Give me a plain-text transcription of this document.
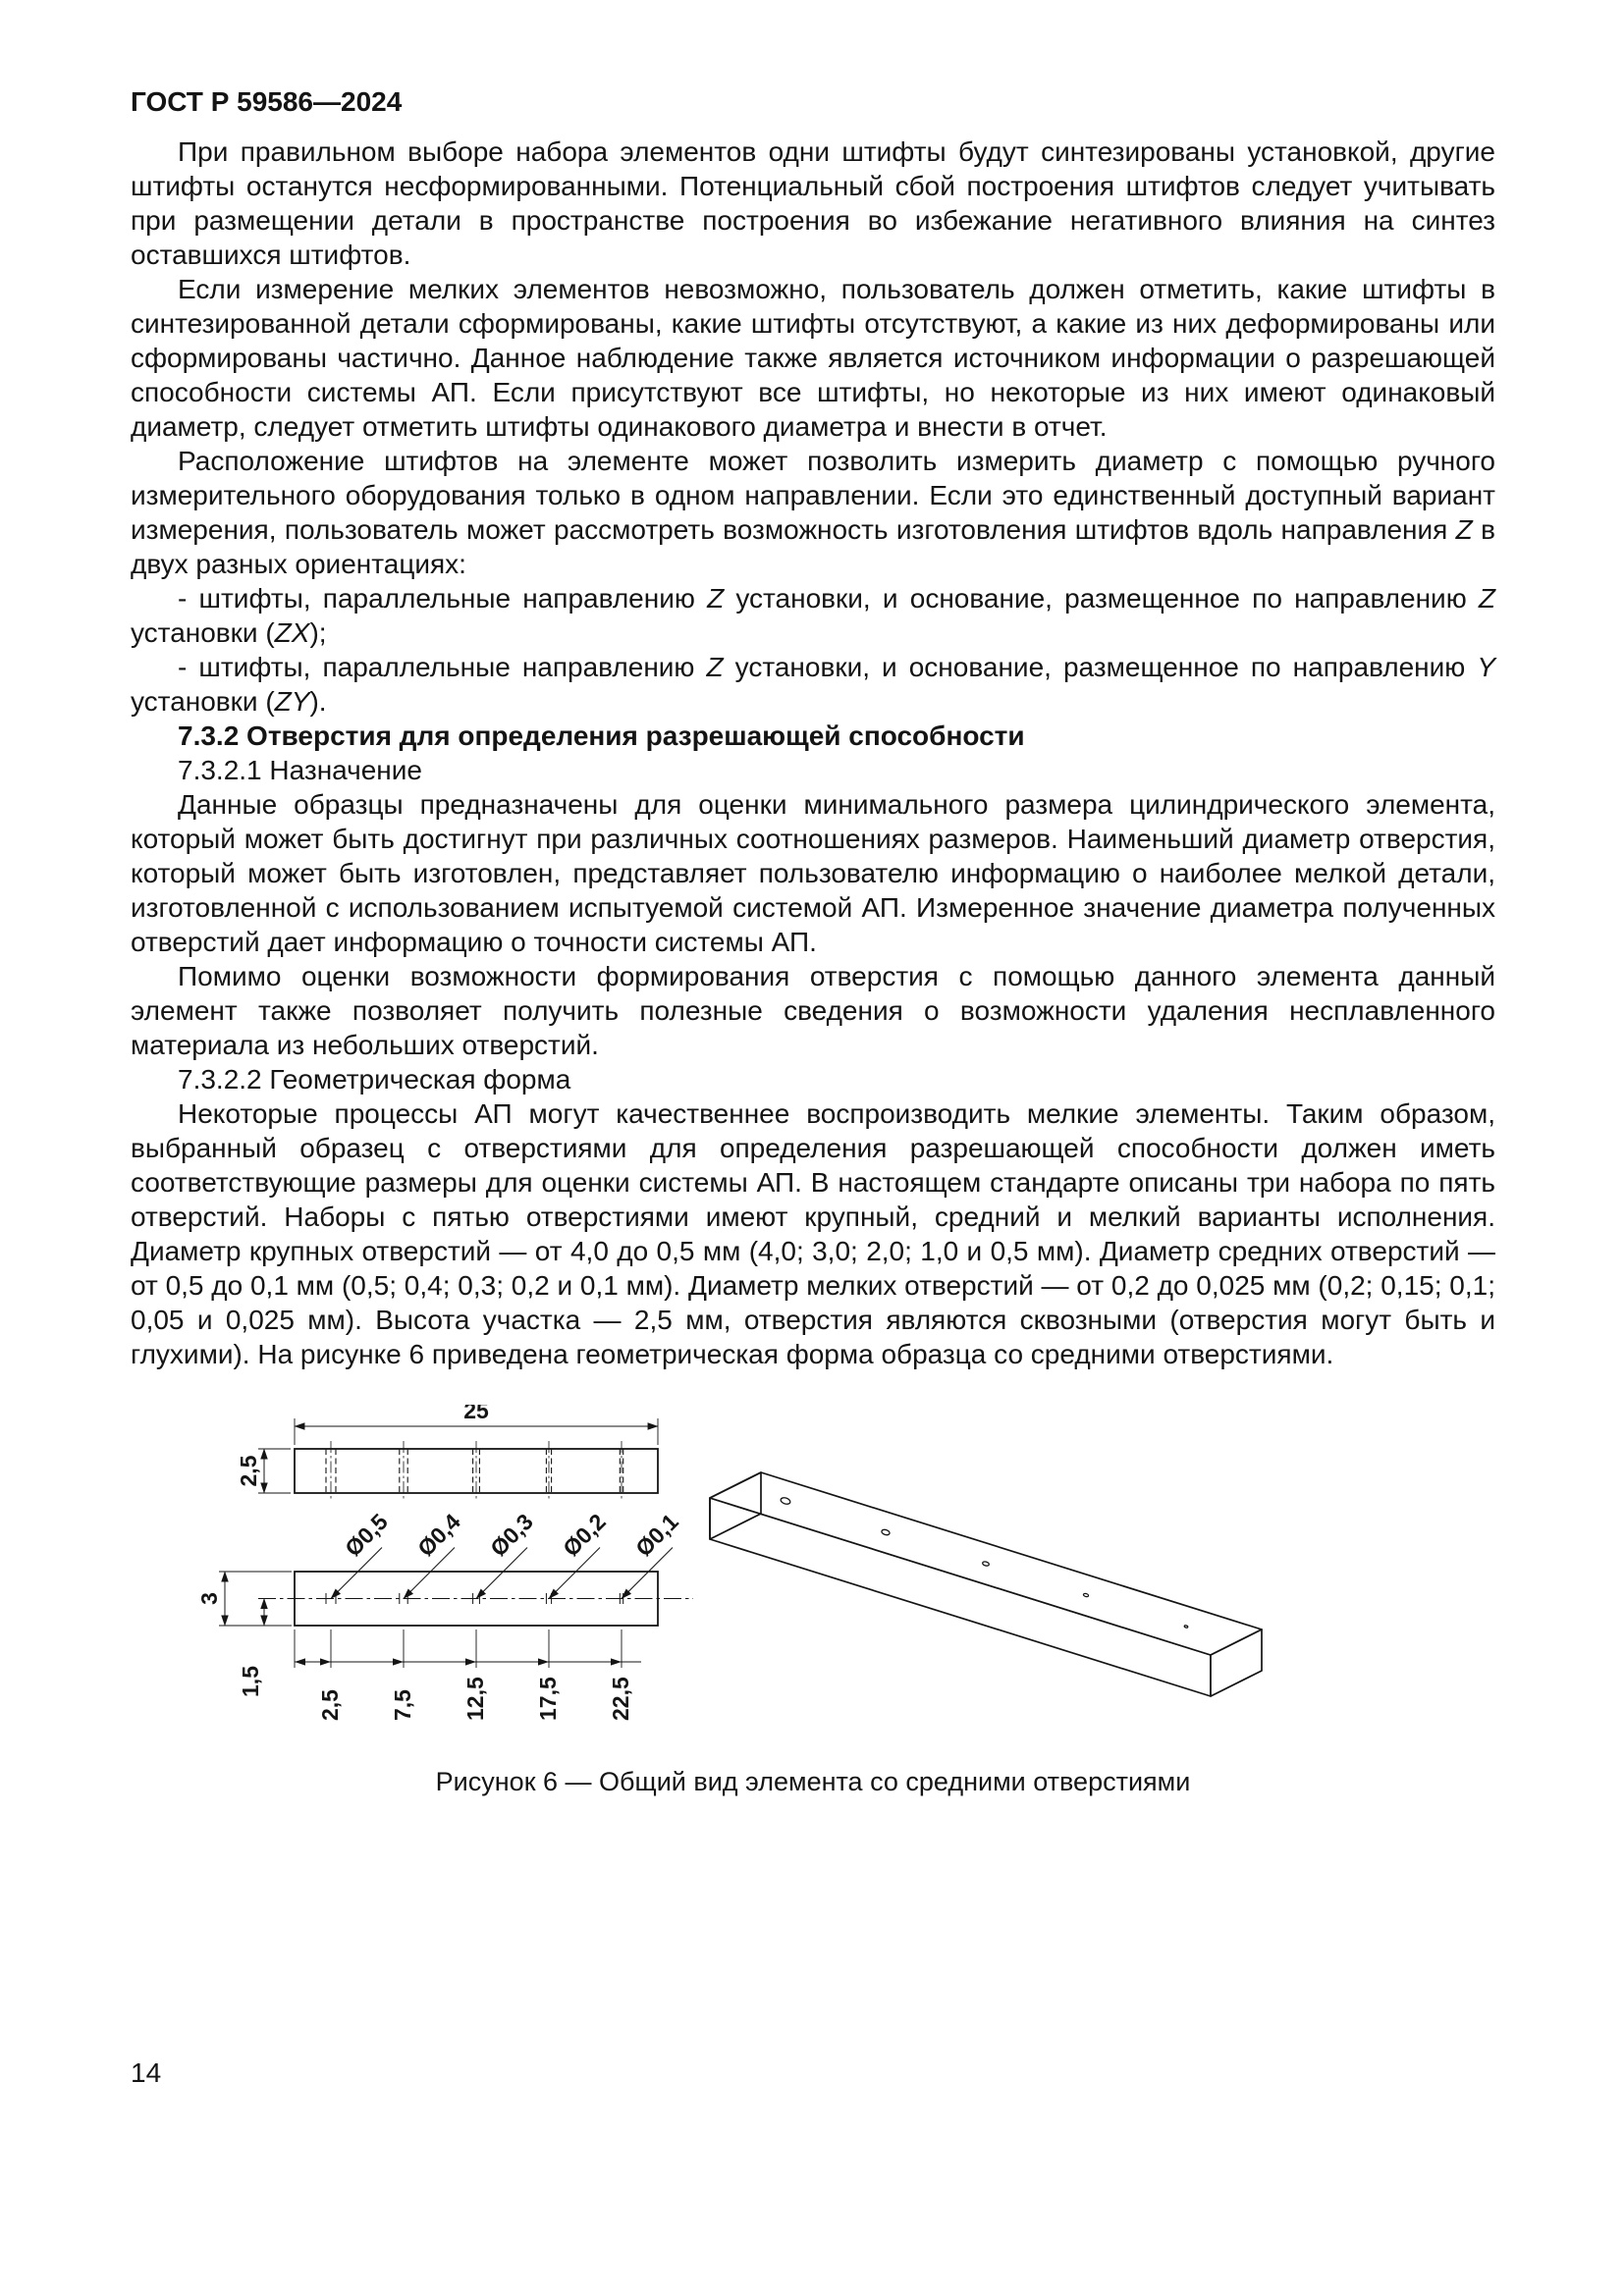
ГОСТ Р 59586—2024

При правильном выборе набора элементов одни штифты будут синтезированы установкой, другие штифты останутся несформированными. Потенциальный сбой построения штифтов следует учитывать при размещении детали в пространстве построения во избежание негативного влияния на синтез оставшихся штифтов.

Если измерение мелких элементов невозможно, пользователь должен отметить, какие штифты в синтезированной детали сформированы, какие штифты отсутствуют, а какие из них деформированы или сформированы частично. Данное наблюдение также является источником информации о разрешающей способности системы АП. Если присутствуют все штифты, но некоторые из них имеют одинаковый диаметр, следует отметить штифты одинакового диаметра и внести в отчет.

Расположение штифтов на элементе может позволить измерить диаметр с помощью ручного измерительного оборудования только в одном направлении. Если это единственный доступный вариант измерения, пользователь может рассмотреть возможность изготовления штифтов вдоль направления Z в двух разных ориентациях:

- штифты, параллельные направлению Z установки, и основание, размещенное по направлению Z установки (ZX);

- штифты, параллельные направлению Z установки, и основание, размещенное по направлению Y установки (ZY).

7.3.2 Отверстия для определения разрешающей способности

7.3.2.1 Назначение

Данные образцы предназначены для оценки минимального размера цилиндрического элемента, который может быть достигнут при различных соотношениях размеров. Наименьший диаметр отверстия, который может быть изготовлен, представляет пользователю информацию о наиболее мелкой детали, изготовленной с использованием испытуемой системой АП. Измеренное значение диаметра полученных отверстий дает информацию о точности системы АП.

Помимо оценки возможности формирования отверстия с помощью данного элемента данный элемент также позволяет получить полезные сведения о возможности удаления несплавленного материала из небольших отверстий.

7.3.2.2 Геометрическая форма

Некоторые процессы АП могут качественнее воспроизводить мелкие элементы. Таким образом, выбранный образец с отверстиями для определения разрешающей способности должен иметь соответствующие размеры для оценки системы АП. В настоящем стандарте описаны три набора по пять отверстий. Наборы с пятью отверстиями имеют крупный, средний и мелкий варианты исполнения. Диаметр крупных отверстий — от 4,0 до 0,5 мм (4,0; 3,0; 2,0; 1,0 и 0,5 мм). Диаметр средних отверстий — от 0,5 до 0,1 мм (0,5; 0,4; 0,3; 0,2 и 0,1 мм). Диаметр мелких отверстий — от 0,2 до 0,025 мм (0,2; 0,15; 0,1; 0,05 и 0,025 мм). Высота участка — 2,5 мм, отверстия являются сквозными (отверстия могут быть и глухими). На рисунке 6 приведена геометрическая форма образца со средними отверстиями.

25
2,5
Ø0,5 Ø0,4 Ø0,3 Ø0,2 Ø0,1
3
1,5
2,5 7,5 12,5 17,5 22,5
Рисунок 6 — Общий вид элемента со средними отверстиями
14
